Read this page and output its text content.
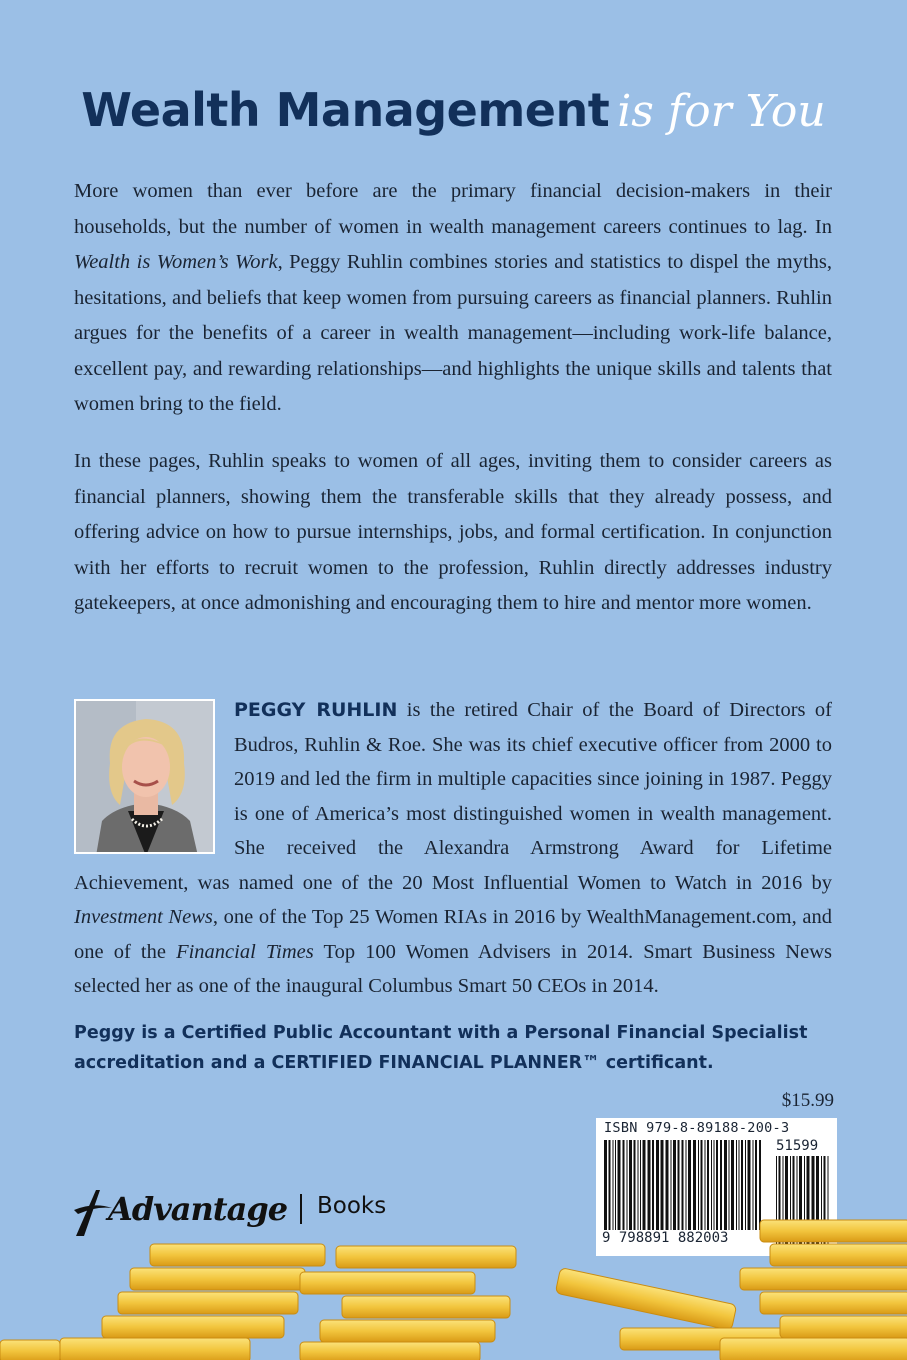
Wealth Management is for You

More women than ever before are the primary financial decision-makers in their households, but the number of women in wealth management careers continues to lag. In Wealth is Women’s Work, Peggy Ruhlin combines stories and statistics to dispel the myths, hesitations, and beliefs that keep women from pursuing careers as financial planners. Ruhlin argues for the benefits of a career in wealth management—including work-life balance, excellent pay, and rewarding relationships—and highlights the unique skills and talents that women bring to the field.

In these pages, Ruhlin speaks to women of all ages, inviting them to consider careers as financial planners, showing them the transferable skills that they already possess, and offering advice on how to pursue internships, jobs, and formal certification. In conjunction with her efforts to recruit women to the profession, Ruhlin directly addresses industry gatekeepers, at once admonishing and encouraging them to hire and mentor more women.

PEGGY RUHLIN is the retired Chair of the Board of Directors of Budros, Ruhlin & Roe. She was its chief executive officer from 2000 to 2019 and led the firm in multiple capacities since joining in 1987. Peggy is one of America’s most distinguished women in wealth management. She received the Alexandra Armstrong Award for Lifetime Achievement, was named one of the 20 Most Influential Women to Watch in 2016 by Investment News, one of the Top 25 Women RIAs in 2016 by WealthManagement.com, and one of the Financial Times Top 100 Women Advisers in 2014. Smart Business News selected her as one of the inaugural Columbus Smart 50 CEOs in 2014.

Peggy is a Certified Public Accountant with a Personal Financial Specialist accreditation and a CERTIFIED FINANCIAL PLANNER™ certificant.

$15.99
ISBN 979-8-89188-200-3
51599
9 798891 882003
Advantage Books
